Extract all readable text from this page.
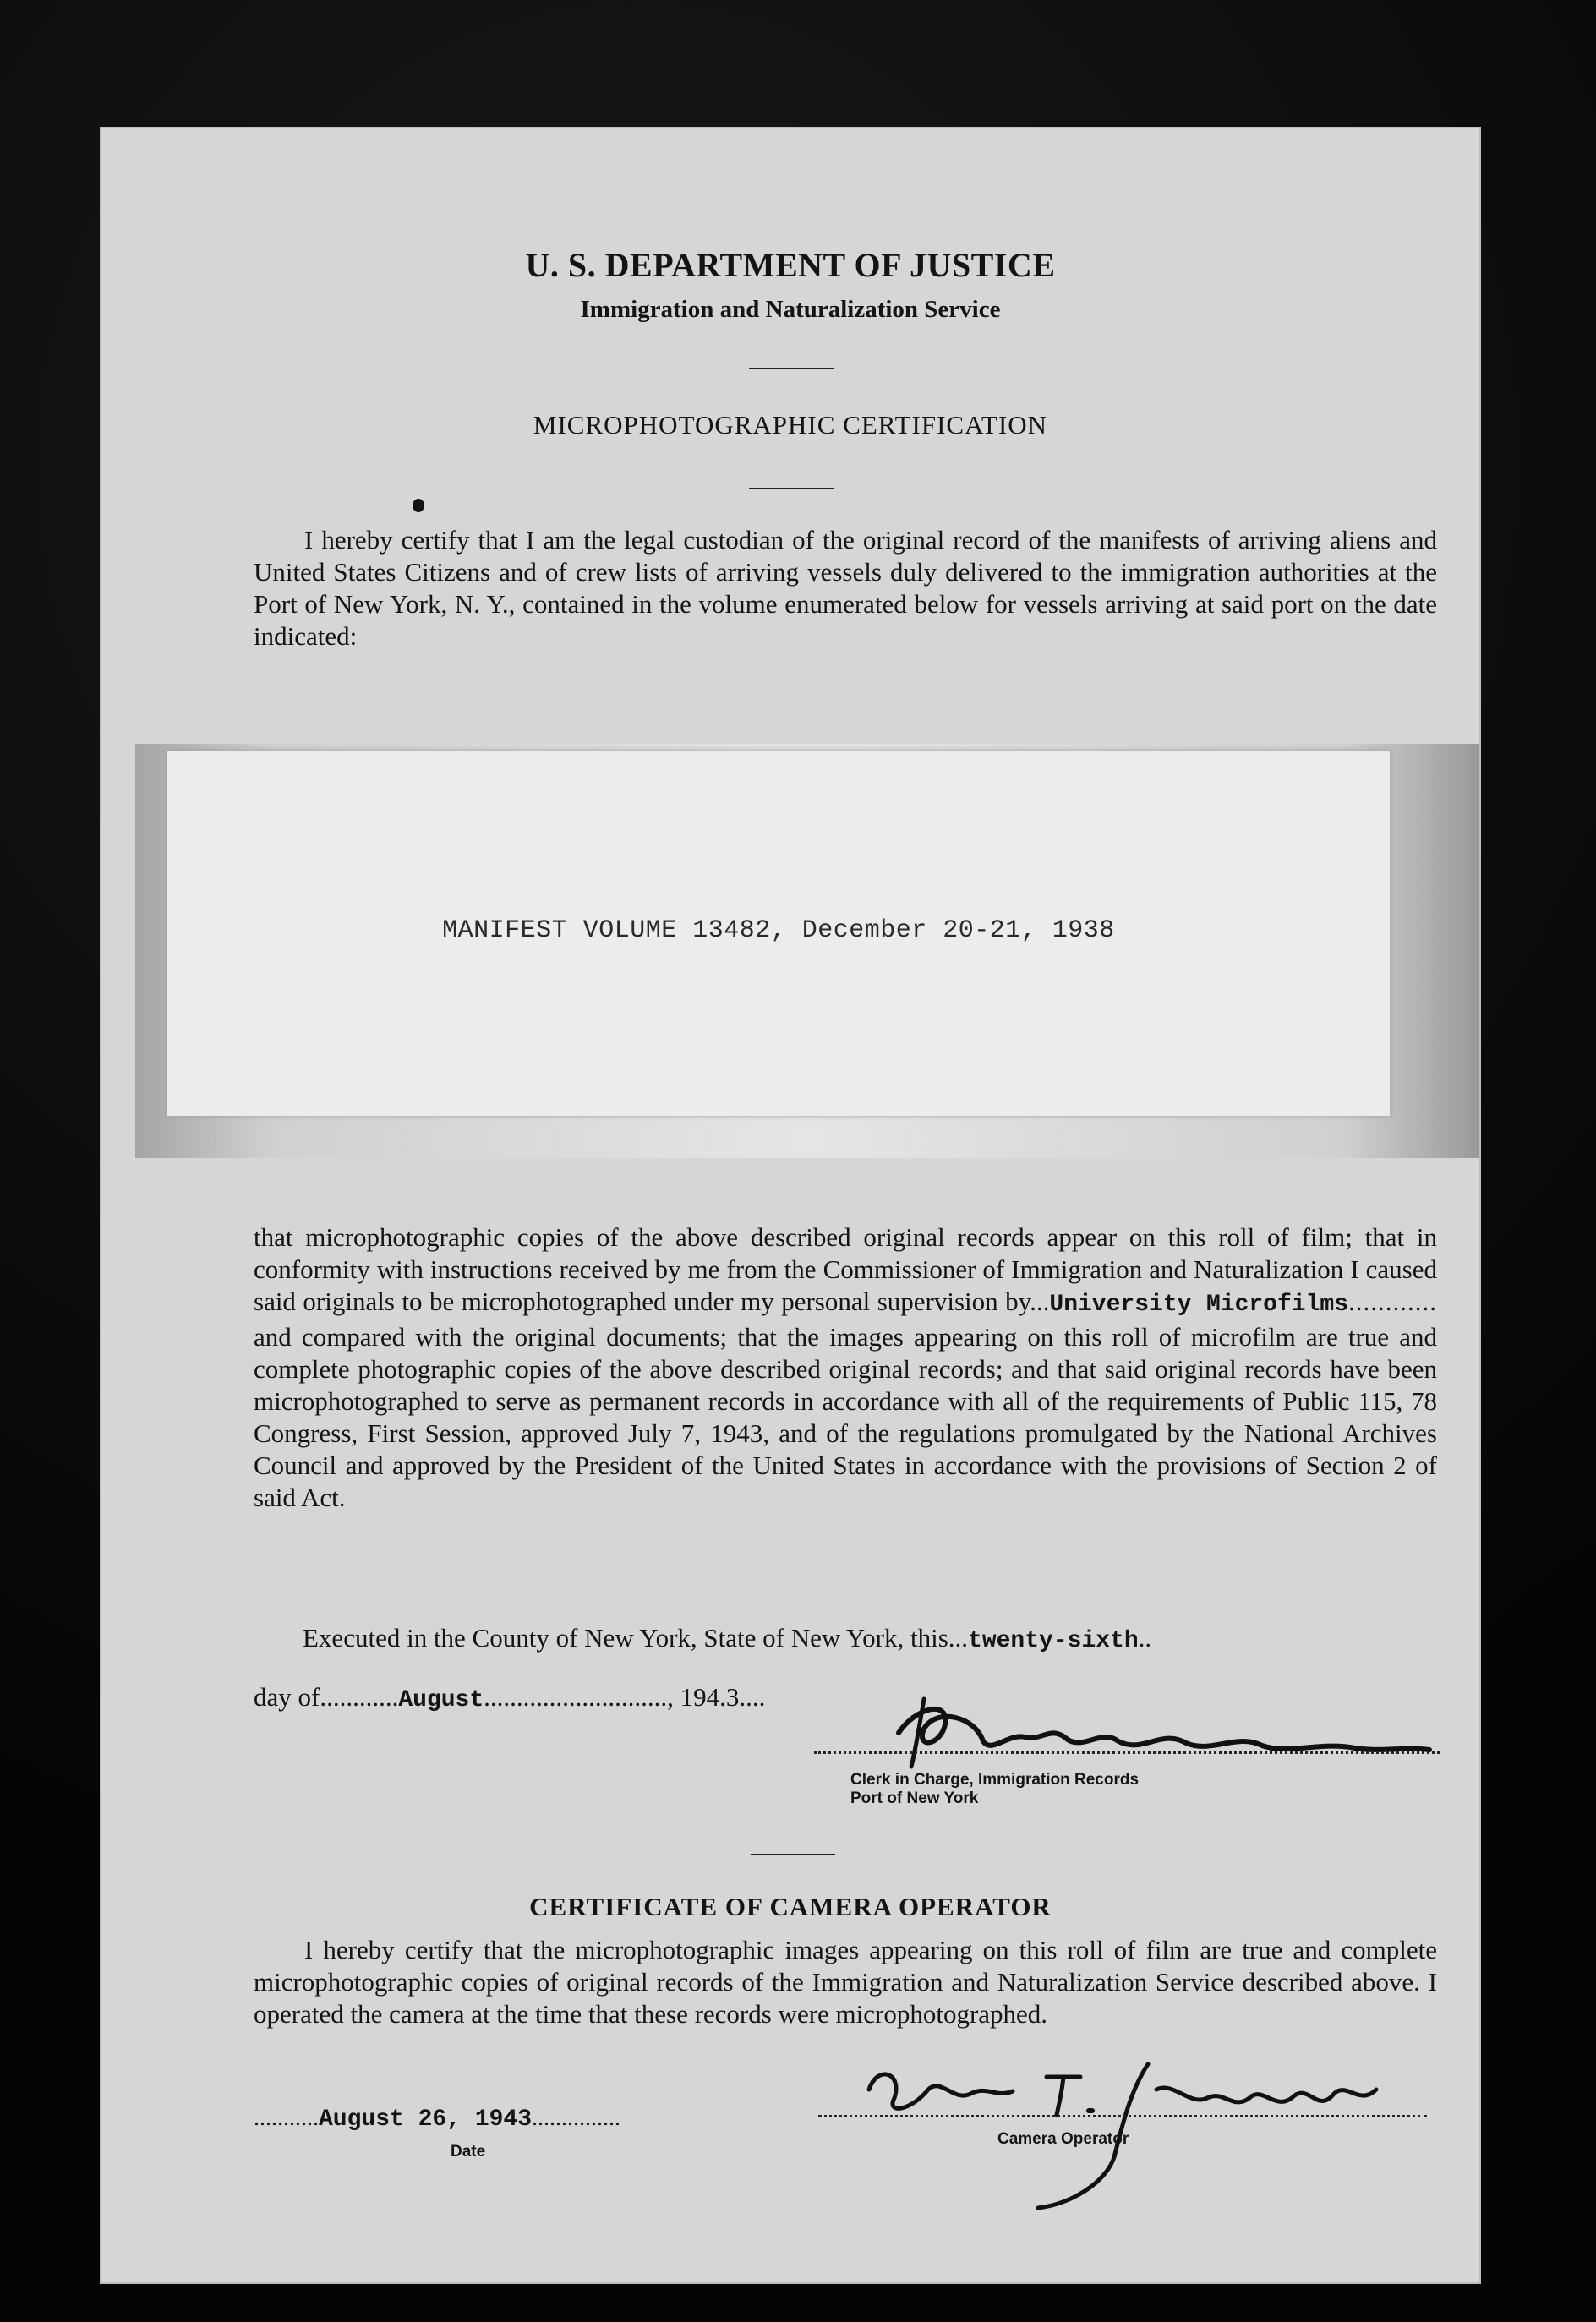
U. S. DEPARTMENT OF JUSTICE
Immigration and Naturalization Service
MICROPHOTOGRAPHIC CERTIFICATION
I hereby certify that I am the legal custodian of the original record of the manifests of arriving aliens and United States Citizens and of crew lists of arriving vessels duly delivered to the immigration authorities at the Port of New York, N. Y., contained in the volume enumerated below for vessels arriving at said port on the date indicated:
MANIFEST VOLUME 13482, December 20-21, 1938
that microphotographic copies of the above described original records appear on this roll of film; that in conformity with instructions received by me from the Commissioner of Immigration and Naturalization I caused said originals to be microphotographed under my personal supervision by...University Microfilms............ and compared with the original documents; that the images appearing on this roll of microfilm are true and complete photographic copies of the above described original records; and that said original records have been microphotographed to serve as permanent records in accordance with all of the requirements of Public 115, 78 Congress, First Session, approved July 7, 1943, and of the regulations promulgated by the National Archives Council and approved by the President of the United States in accordance with the provisions of Section 2 of said Act.
Executed in the County of New York, State of New York, this...twenty-sixth..
day of............August............................, 194.3....
Clerk in Charge, Immigration Records
Port of New York
CERTIFICATE OF CAMERA OPERATOR
I hereby certify that the microphotographic images appearing on this roll of film are true and complete microphotographic copies of original records of the Immigration and Naturalization Service described above. I operated the camera at the time that these records were microphotographed.
...........August 26, 1943...............
Date
Camera Operator
